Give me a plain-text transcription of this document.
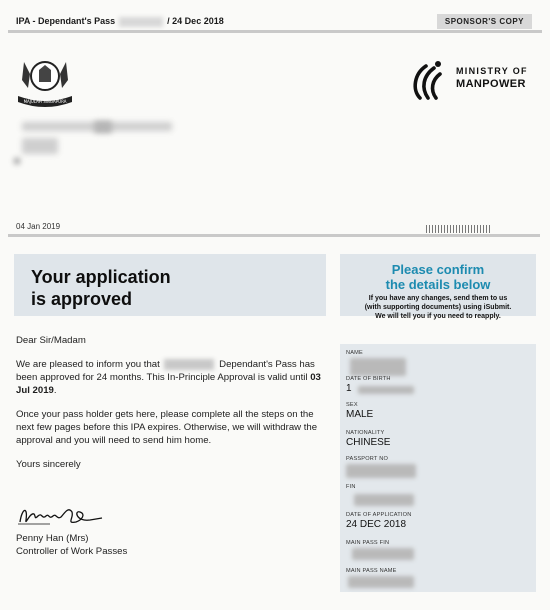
IPA - Dependant's Pass	/ 24 Dec 2018	SPONSOR'S COPY
MAJULAH SINGAPURA
MINISTRY OF
MANPOWER
04 Jan 2019
Your application
is approved
Please confirm
the details below
If you have any changes, send them to us
(with supporting documents) using iSubmit.
We will tell you if you need to reapply.

Dear Sir/Madam

We are pleased to inform you that	Dependant's Pass has been approved for 24 months. This In-Principle Approval is valid until 03 Jul 2019.

Once your pass holder gets here, please complete all the steps on the next few pages before this IPA expires. Otherwise, we will withdraw the approval and you will need to send him home.

Yours sincerely

Penny Han (Mrs)
Controller of Work Passes
NAME
DATE OF BIRTH
1
SEX
MALE
NATIONALITY
CHINESE
PASSPORT NO
FIN
DATE OF APPLICATION
24 DEC 2018
MAIN PASS FIN
MAIN PASS NAME
